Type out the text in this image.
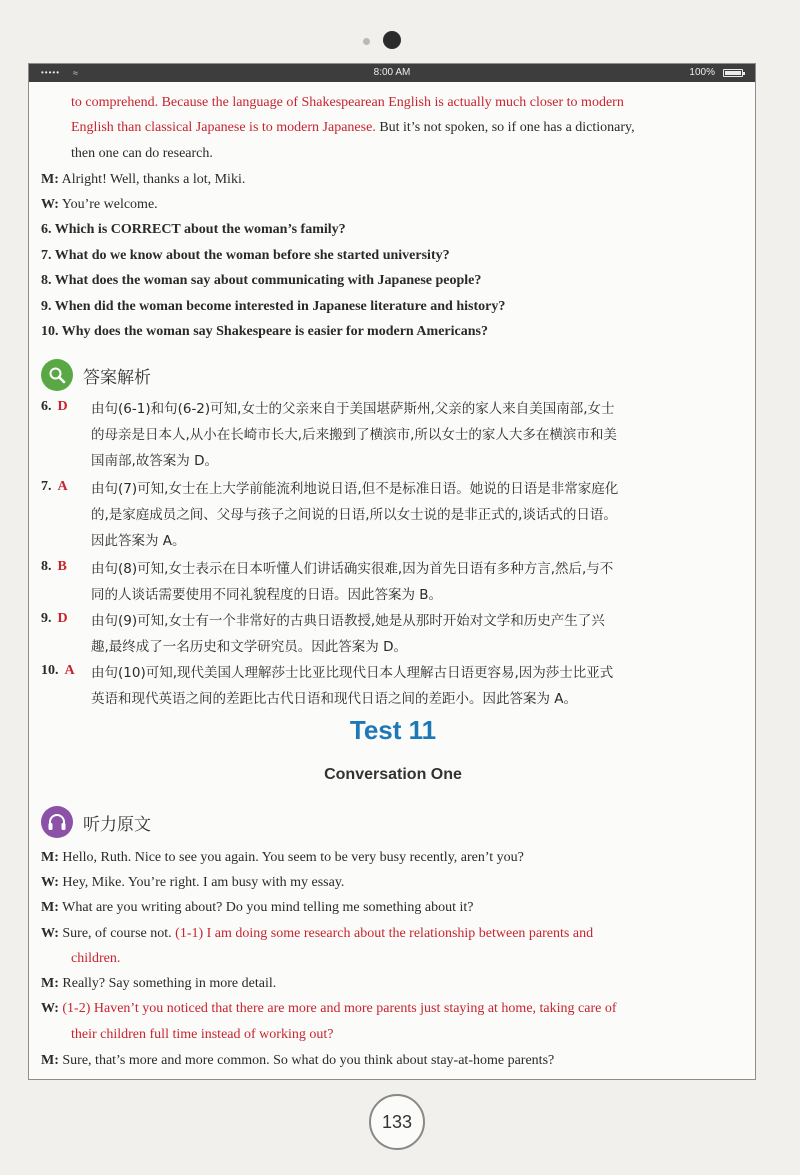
••••• ≈	8:00 AM	100%
to comprehend. Because the language of Shakespearean English is actually much closer to modern
English than classical Japanese is to modern Japanese. But it’s not spoken, so if one has a dictionary,
then one can do research.
M: Alright! Well, thanks a lot, Miki.
W: You’re welcome.
6. Which is CORRECT about the woman’s family?
7. What do we know about the woman before she started university?
8. What does the woman say about communicating with Japanese people?
9. When did the woman become interested in Japanese literature and history?
10. Why does the woman say Shakespeare is easier for modern Americans?
答案解析
6. D 由句(6-1)和句(6-2)可知,女士的父亲来自于美国堪萨斯州,父亲的家人来自美国南部,女士
的母亲是日本人,从小在长崎市长大,后来搬到了横滨市,所以女士的家人大多在横滨市和美
国南部,故答案为 D。
7. A 由句(7)可知,女士在上大学前能流利地说日语,但不是标准日语。她说的日语是非常家庭化
的,是家庭成员之间、父母与孩子之间说的日语,所以女士说的是非正式的,谈话式的日语。
因此答案为 A。
8. B 由句(8)可知,女士表示在日本听懂人们讲话确实很难,因为首先日语有多种方言,然后,与不
同的人谈话需要使用不同礼貌程度的日语。因此答案为 B。
9. D 由句(9)可知,女士有一个非常好的古典日语教授,她是从那时开始对文学和历史产生了兴
趣,最终成了一名历史和文学研究员。因此答案为 D。
10. A 由句(10)可知,现代美国人理解莎士比亚比现代日本人理解古日语更容易,因为莎士比亚式
英语和现代英语之间的差距比古代日语和现代日语之间的差距小。因此答案为 A。
Test 11
Conversation One
听力原文
M: Hello, Ruth. Nice to see you again. You seem to be very busy recently, aren’t you?
W: Hey, Mike. You’re right. I am busy with my essay.
M: What are you writing about? Do you mind telling me something about it?
W: Sure, of course not. (1-1) I am doing some research about the relationship between parents and
children.
M: Really? Say something in more detail.
W: (1-2) Haven’t you noticed that there are more and more parents just staying at home, taking care of
their children full time instead of working out?
M: Sure, that’s more and more common. So what do you think about stay-at-home parents?
133
